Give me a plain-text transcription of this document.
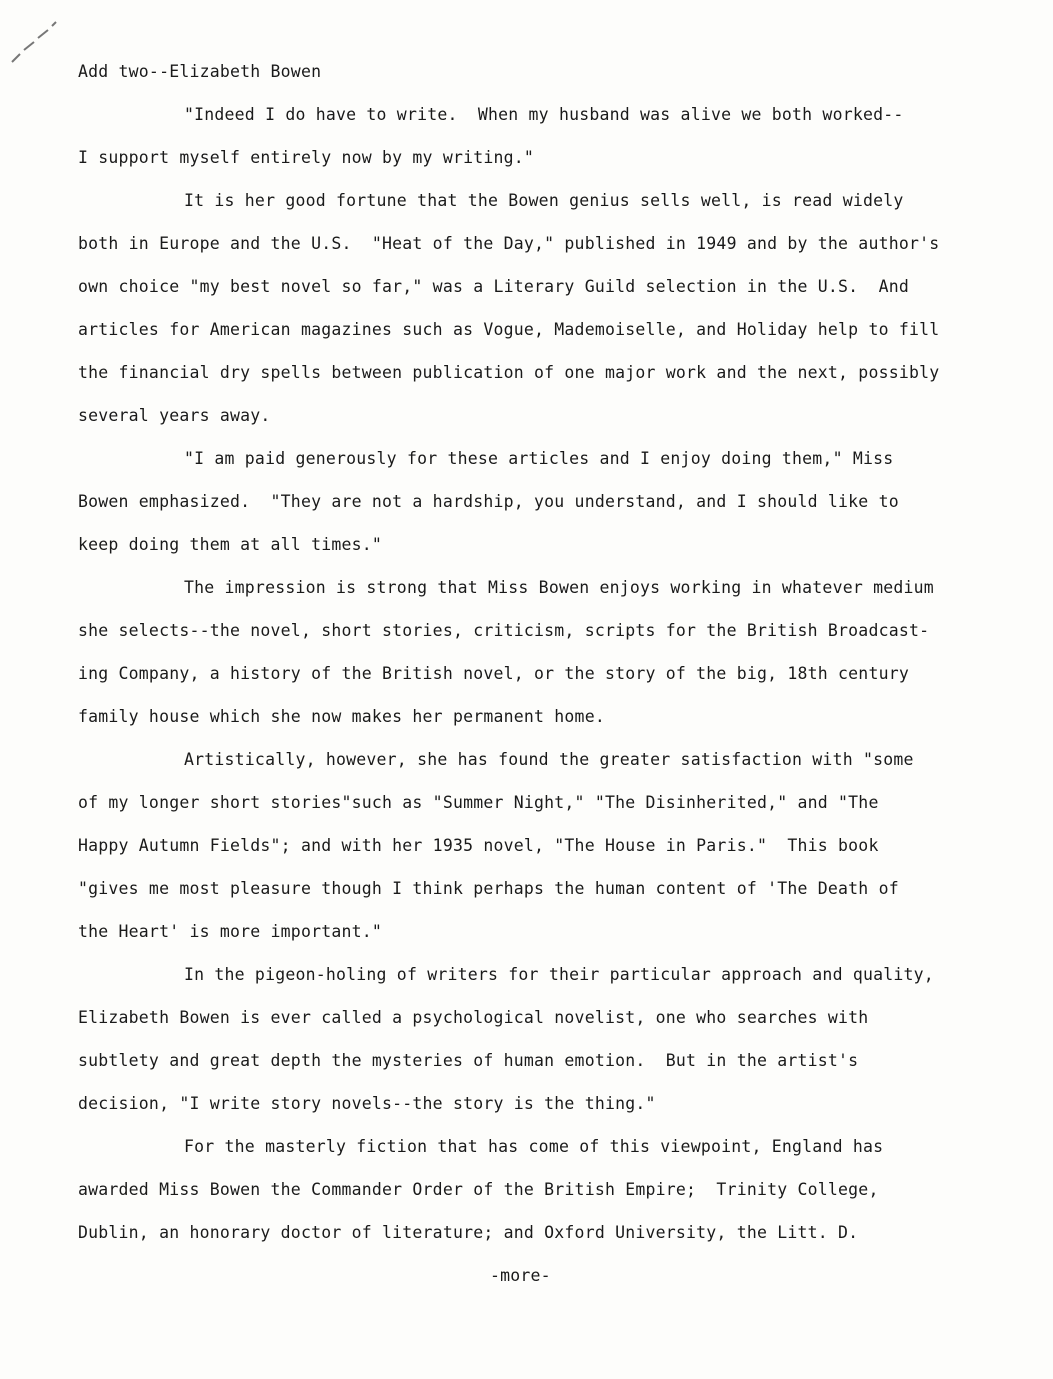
Add two--Elizabeth Bowen
"Indeed I do have to write.  When my husband was alive we both worked--
I support myself entirely now by my writing."
It is her good fortune that the Bowen genius sells well, is read widely
both in Europe and the U.S.  "Heat of the Day," published in 1949 and by the author's
own choice "my best novel so far," was a Literary Guild selection in the U.S.  And
articles for American magazines such as Vogue, Mademoiselle, and Holiday help to fill
the financial dry spells between publication of one major work and the next, possibly
several years away.
"I am paid generously for these articles and I enjoy doing them," Miss
Bowen emphasized.  "They are not a hardship, you understand, and I should like to
keep doing them at all times."
The impression is strong that Miss Bowen enjoys working in whatever medium
she selects--the novel, short stories, criticism, scripts for the British Broadcast-
ing Company, a history of the British novel, or the story of the big, 18th century
family house which she now makes her permanent home.
Artistically, however, she has found the greater satisfaction with "some
of my longer short stories"such as "Summer Night," "The Disinherited," and "The
Happy Autumn Fields"; and with her 1935 novel, "The House in Paris."  This book
"gives me most pleasure though I think perhaps the human content of 'The Death of
the Heart' is more important."
In the pigeon-holing of writers for their particular approach and quality,
Elizabeth Bowen is ever called a psychological novelist, one who searches with
subtlety and great depth the mysteries of human emotion.  But in the artist's
decision, "I write story novels--the story is the thing."
For the masterly fiction that has come of this viewpoint, England has
awarded Miss Bowen the Commander Order of the British Empire;  Trinity College,
Dublin, an honorary doctor of literature; and Oxford University, the Litt. D.
-more-
